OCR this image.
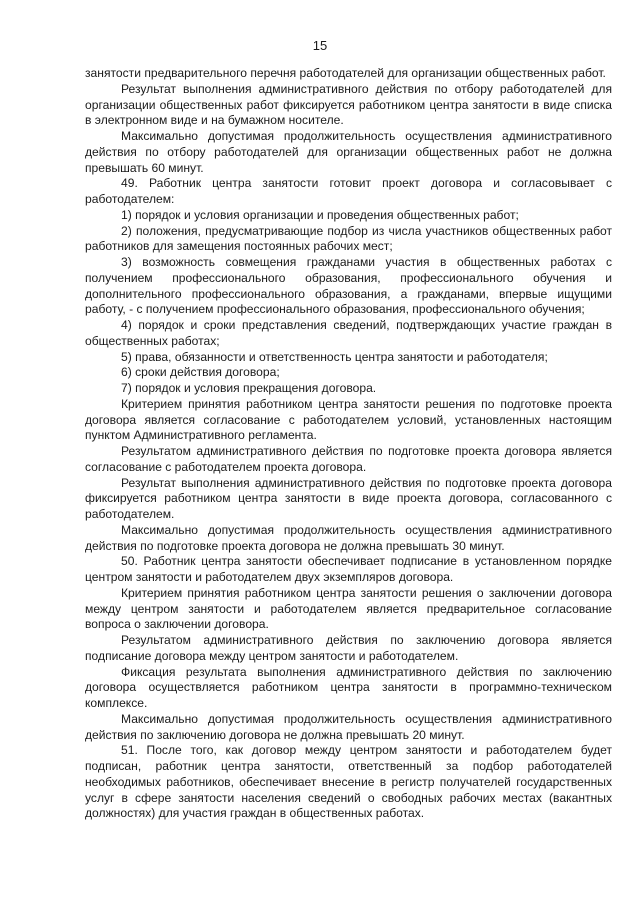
15

занятости предварительного перечня работодателей для организации общественных работ.

Результат выполнения административного действия по отбору работодателей для организации общественных работ фиксируется работником центра занятости в виде списка в электронном виде и на бумажном носителе.

Максимально допустимая продолжительность осуществления административного действия по отбору работодателей для организации общественных работ не должна превышать 60 минут.

49. Работник центра занятости готовит проект договора и согласовывает с работодателем:

1) порядок и условия организации и проведения общественных работ;

2) положения, предусматривающие подбор из числа участников общественных работ работников для замещения постоянных рабочих мест;

3) возможность совмещения гражданами участия в общественных работах с получением профессионального образования, профессионального обучения и дополнительного профессионального образования, а гражданами, впервые ищущими работу, - с получением профессионального образования, профессионального обучения;

4) порядок и сроки представления сведений, подтверждающих участие граждан в общественных работах;

5) права, обязанности и ответственность центра занятости и работодателя;

6) сроки действия договора;

7) порядок и условия прекращения договора.

Критерием принятия работником центра занятости решения по подготовке проекта договора является согласование с работодателем условий, установленных настоящим пунктом Административного регламента.

Результатом административного действия по подготовке проекта договора является согласование с работодателем проекта договора.

Результат выполнения административного действия по подготовке проекта договора фиксируется работником центра занятости в виде проекта договора, согласованного с работодателем.

Максимально допустимая продолжительность осуществления административного действия по подготовке проекта договора не должна превышать 30 минут.

50. Работник центра занятости обеспечивает подписание в установленном порядке центром занятости и работодателем двух экземпляров договора.

Критерием принятия работником центра занятости решения о заключении договора между центром занятости и работодателем является предварительное согласование вопроса о заключении договора.

Результатом административного действия по заключению договора является подписание договора между центром занятости и работодателем.

Фиксация результата выполнения административного действия по заключению договора осуществляется работником центра занятости в программно-техническом комплексе.

Максимально допустимая продолжительность осуществления административного действия по заключению договора не должна превышать 20 минут.

51. После того, как договор между центром занятости и работодателем будет подписан, работник центра занятости, ответственный за подбор работодателей необходимых работников, обеспечивает внесение в регистр получателей государственных услуг в сфере занятости населения сведений о свободных рабочих местах (вакантных должностях) для участия граждан в общественных работах.
